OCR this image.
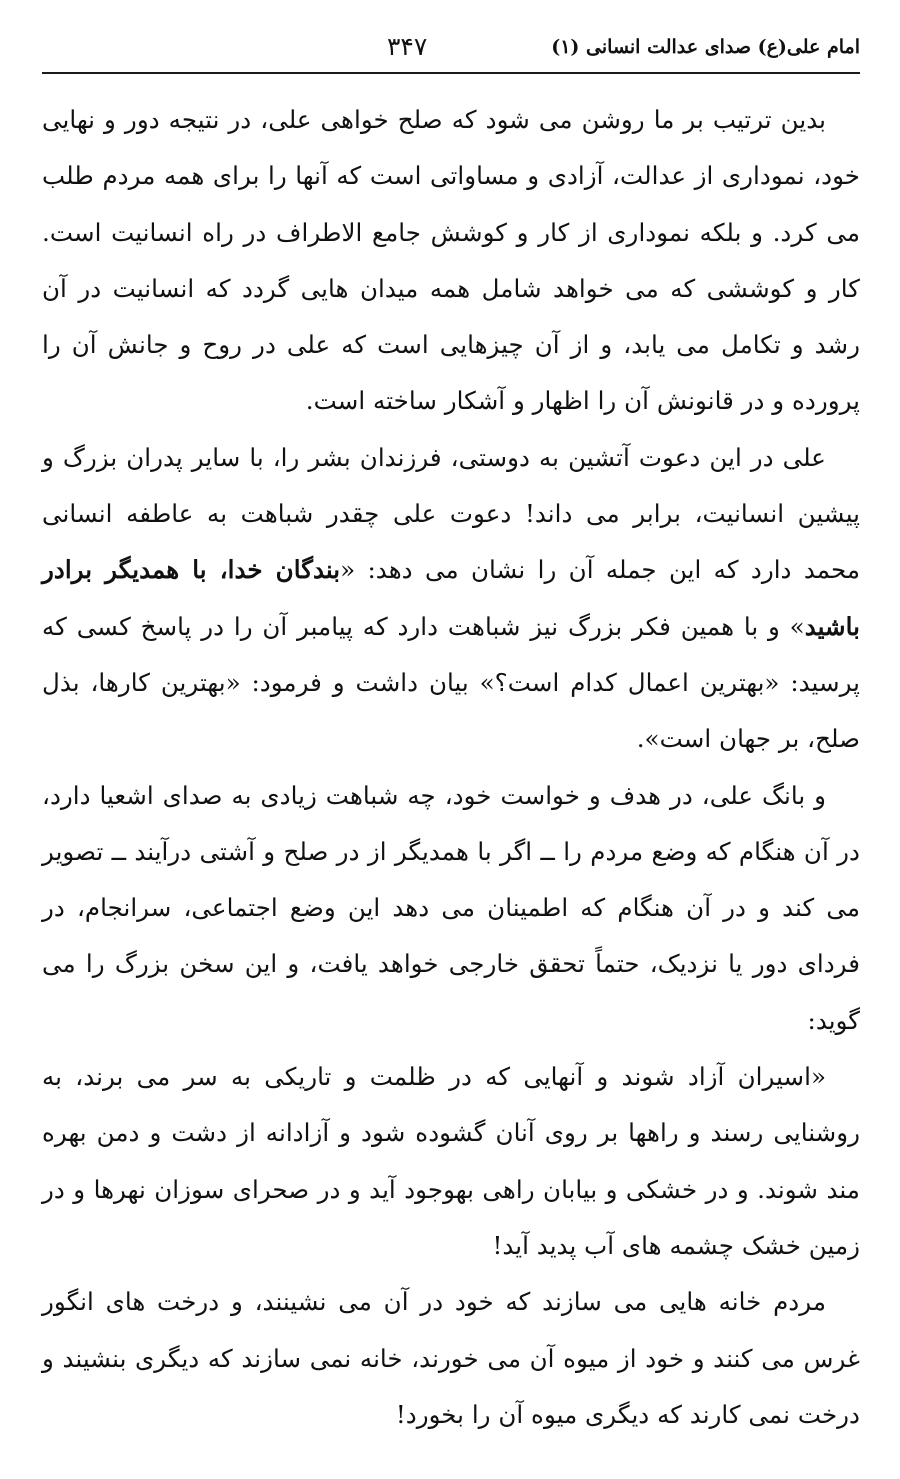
امام علی(ع) صدای عدالت انسانی (۱)
۳۴۷

بدین ترتیب بر ما روشن می شود که صلح خواهی علی، در نتیجه دور و نهایی خود، نموداری از عدالت، آزادی و مساواتی است که آنها را برای همه مردم طلب می کرد. و بلکه نموداری از کار و کوشش جامع الاطراف در راه انسانیت است. کار و کوششی که می خواهد شامل همه میدان هایی گردد که انسانیت در آن رشد و تکامل می یابد، و از آن چیزهایی است که علی در روح و جانش آن را پرورده و در قانونش آن را اظهار و آشکار ساخته است.

علی در این دعوت آتشین به دوستی، فرزندان بشر را، با سایر پدران بزرگ و پیشین انسانیت، برابر می داند! دعوت علی چقدر شباهت به عاطفه انسانی محمد دارد که این جمله آن را نشان می دهد: «بندگان خدا، با همدیگر برادر باشید» و با همین فکر بزرگ نیز شباهت دارد که پیامبر آن را در پاسخ کسی که پرسید: «بهترین اعمال کدام است؟» بیان داشت و فرمود: «بهترین کارها، بذل صلح، بر جهان است».

و بانگ علی، در هدف و خواست خود، چه شباهت زیادی به صدای اشعیا دارد، در آن هنگام که وضع مردم را ــ اگر با همدیگر از در صلح و آشتی درآیند ــ تصویر می کند و در آن هنگام که اطمینان می دهد این وضع اجتماعی، سرانجام، در فردای دور یا نزدیک، حتماً تحقق خارجی خواهد یافت، و این سخن بزرگ را می گوید:

«اسیران آزاد شوند و آنهایی که در ظلمت و تاریکی به سر می برند، به روشنایی رسند و راهها بر روی آنان گشوده شود و آزادانه از دشت و دمن بهره مند شوند. و در خشکی و بیابان راهی بهوجود آید و در صحرای سوزان نهرها و در زمین خشک چشمه های آب پدید آید!

مردم خانه هایی می سازند که خود در آن می نشینند، و درخت های انگور غرس می کنند و خود از میوه آن می خورند، خانه نمی سازند که دیگری بنشیند و درخت نمی کارند که دیگری میوه آن را بخورد!
